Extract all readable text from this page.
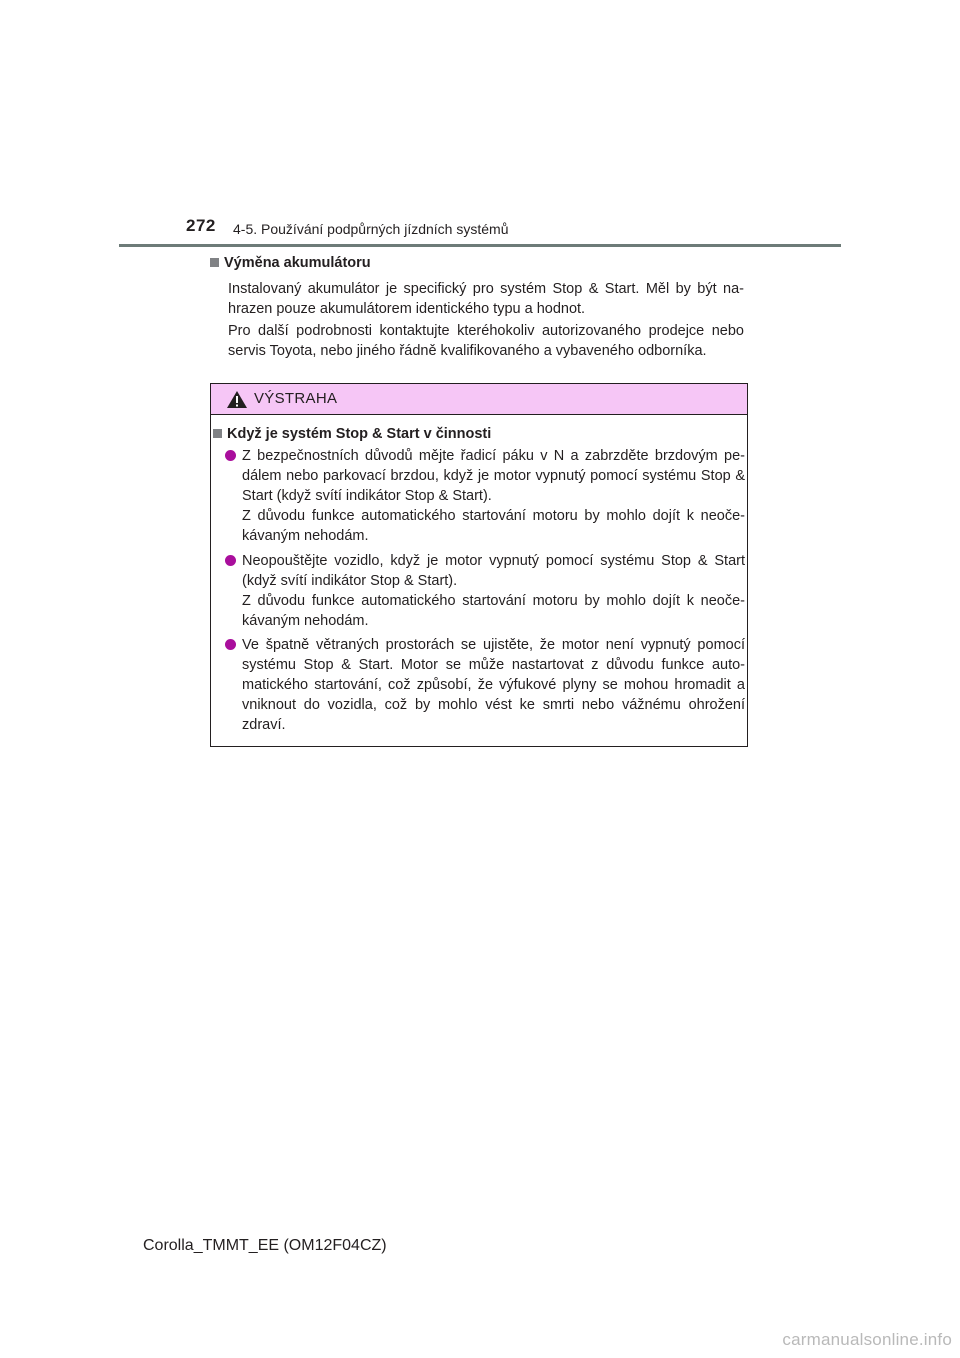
272 4-5. Používání podpůrných jízdních systémů
Výměna akumulátoru
Instalovaný akumulátor je specifický pro systém Stop & Start. Měl by být na-hrazen pouze akumulátorem identického typu a hodnot.
Pro další podrobnosti kontaktujte kteréhokoliv autorizovaného prodejce nebo servis Toyota, nebo jiného řádně kvalifikovaného a vybaveného odborníka.
VÝSTRAHA
Když je systém Stop & Start v činnosti

Z bezpečnostních důvodů mějte řadicí páku v N a zabrzděte brzdovým pe-dálem nebo parkovací brzdou, když je motor vypnutý pomocí systému Stop & Start (když svítí indikátor Stop & Start).

Z důvodu funkce automatického startování motoru by mohlo dojít k neoče-kávaným nehodám.

Neopouštějte vozidlo, když je motor vypnutý pomocí systému Stop & Start (když svítí indikátor Stop & Start).

Z důvodu funkce automatického startování motoru by mohlo dojít k neoče-kávaným nehodám.

Ve špatně větraných prostorách se ujistěte, že motor není vypnutý pomocí systému Stop & Start. Motor se může nastartovat z důvodu funkce auto-matického startování, což způsobí, že výfukové plyny se mohou hromadit a vniknout do vozidla, což by mohlo vést ke smrti nebo vážnému ohrožení zdraví.

Corolla_TMMT_EE (OM12F04CZ)
carmanualsonline.info
